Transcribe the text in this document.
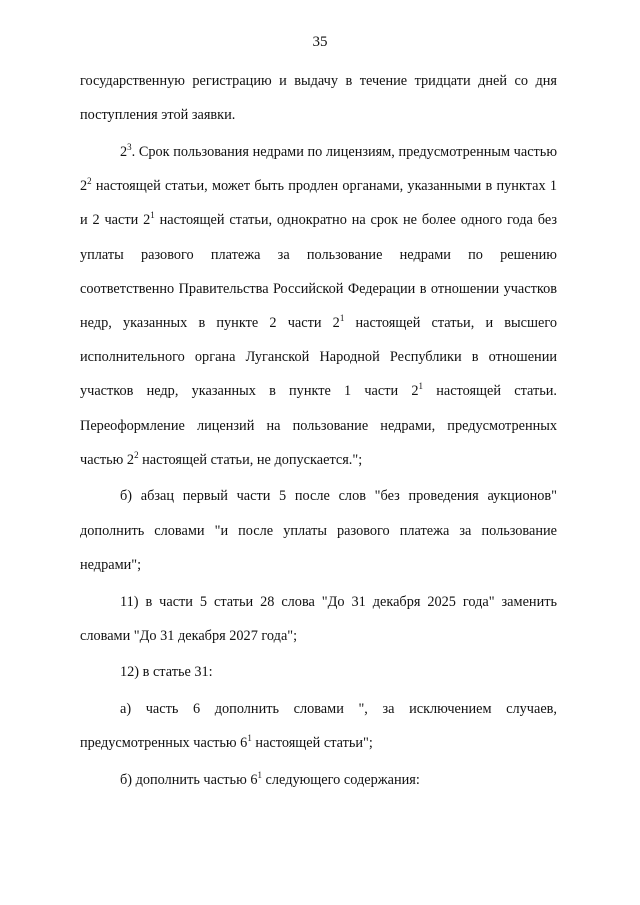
35

государственную регистрацию и выдачу в течение тридцати дней со дня поступления этой заявки.

$2^3$. Срок пользования недрами по лицензиям, предусмотренным частью $2^2$ настоящей статьи, может быть продлен органами, указанными в пунктах 1 и 2 части $2^1$ настоящей статьи, однократно на срок не более одного года без уплаты разового платежа за пользование недрами по решению соответственно Правительства Российской Федерации в отношении участков недр, указанных в пункте 2 части $2^1$ настоящей статьи, и высшего исполнительного органа Луганской Народной Республики в отношении участков недр, указанных в пункте 1 части $2^1$ настоящей статьи. Переоформление лицензий на пользование недрами, предусмотренных частью $2^2$ настоящей статьи, не допускается.";

б) абзац первый части 5 после слов "без проведения аукционов" дополнить словами "и после уплаты разового платежа за пользование недрами";

11) в части 5 статьи 28 слова "До 31 декабря 2025 года" заменить словами "До 31 декабря 2027 года";

12) в статье 31:

а) часть 6 дополнить словами ", за исключением случаев, предусмотренных частью $6^1$ настоящей статьи";

б) дополнить частью $6^1$ следующего содержания:
